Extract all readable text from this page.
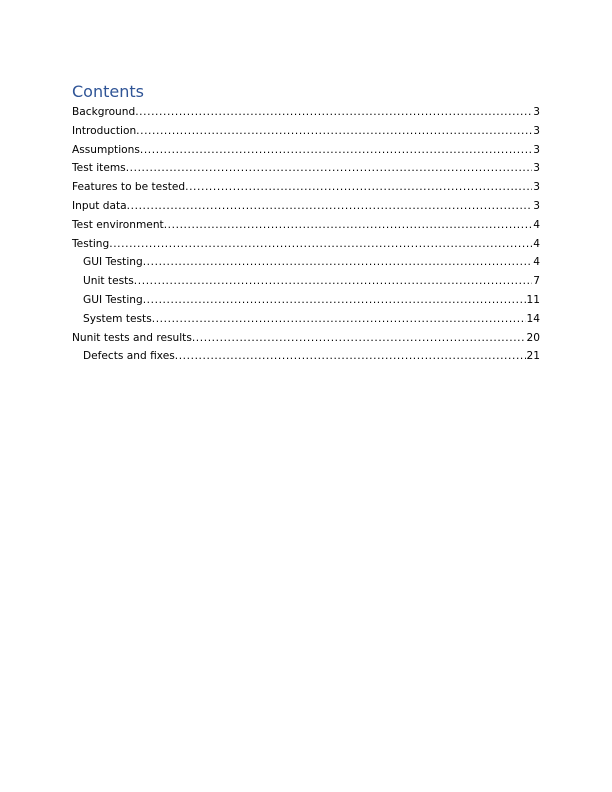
Contents
Background .....	3
Introduction .....	3
Assumptions .....	3
Test items .....	3
Features to be tested .....	3
Input data .....	3
Test environment .....	4
Testing .....	4
GUI Testing .....	4
Unit tests .....	7
GUI Testing .....	11
System tests .....	14
Nunit tests and results .....	20
Defects and fixes .....	21
